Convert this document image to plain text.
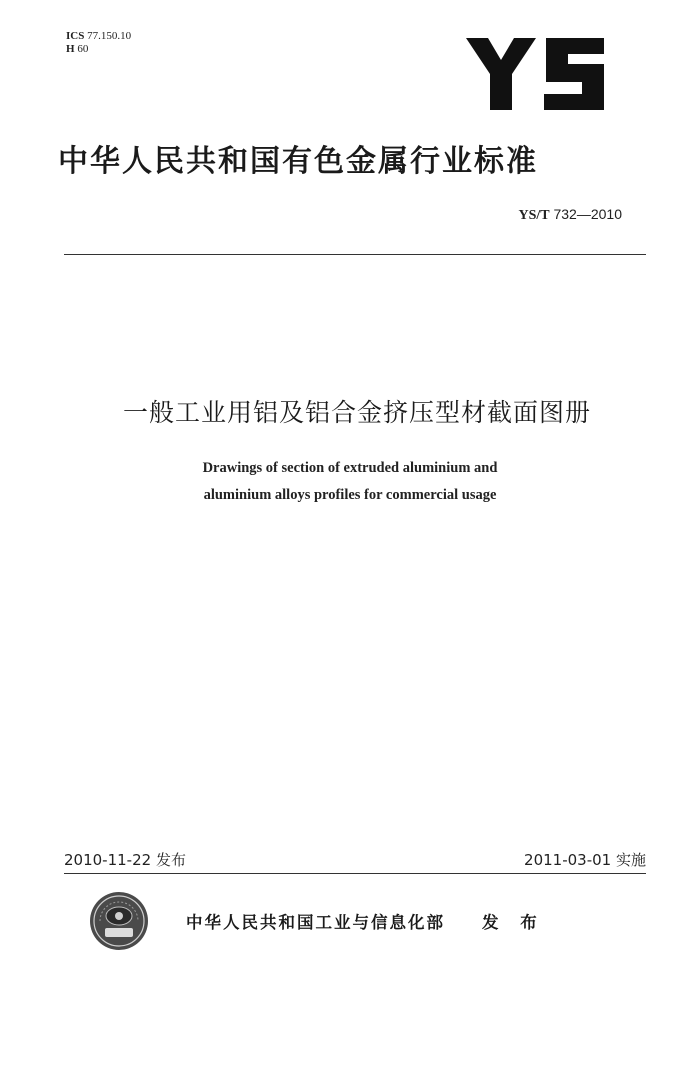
ICS 77.150.10
H 60
中华人民共和国有色金属行业标准
YS/T 732—2010
一般工业用铝及铝合金挤压型材截面图册
Drawings of section of extruded aluminium and
aluminium alloys profiles for commercial usage
2010-11-22 发布	2011-03-01 实施
中华人民共和国工业与信息化部 发 布
